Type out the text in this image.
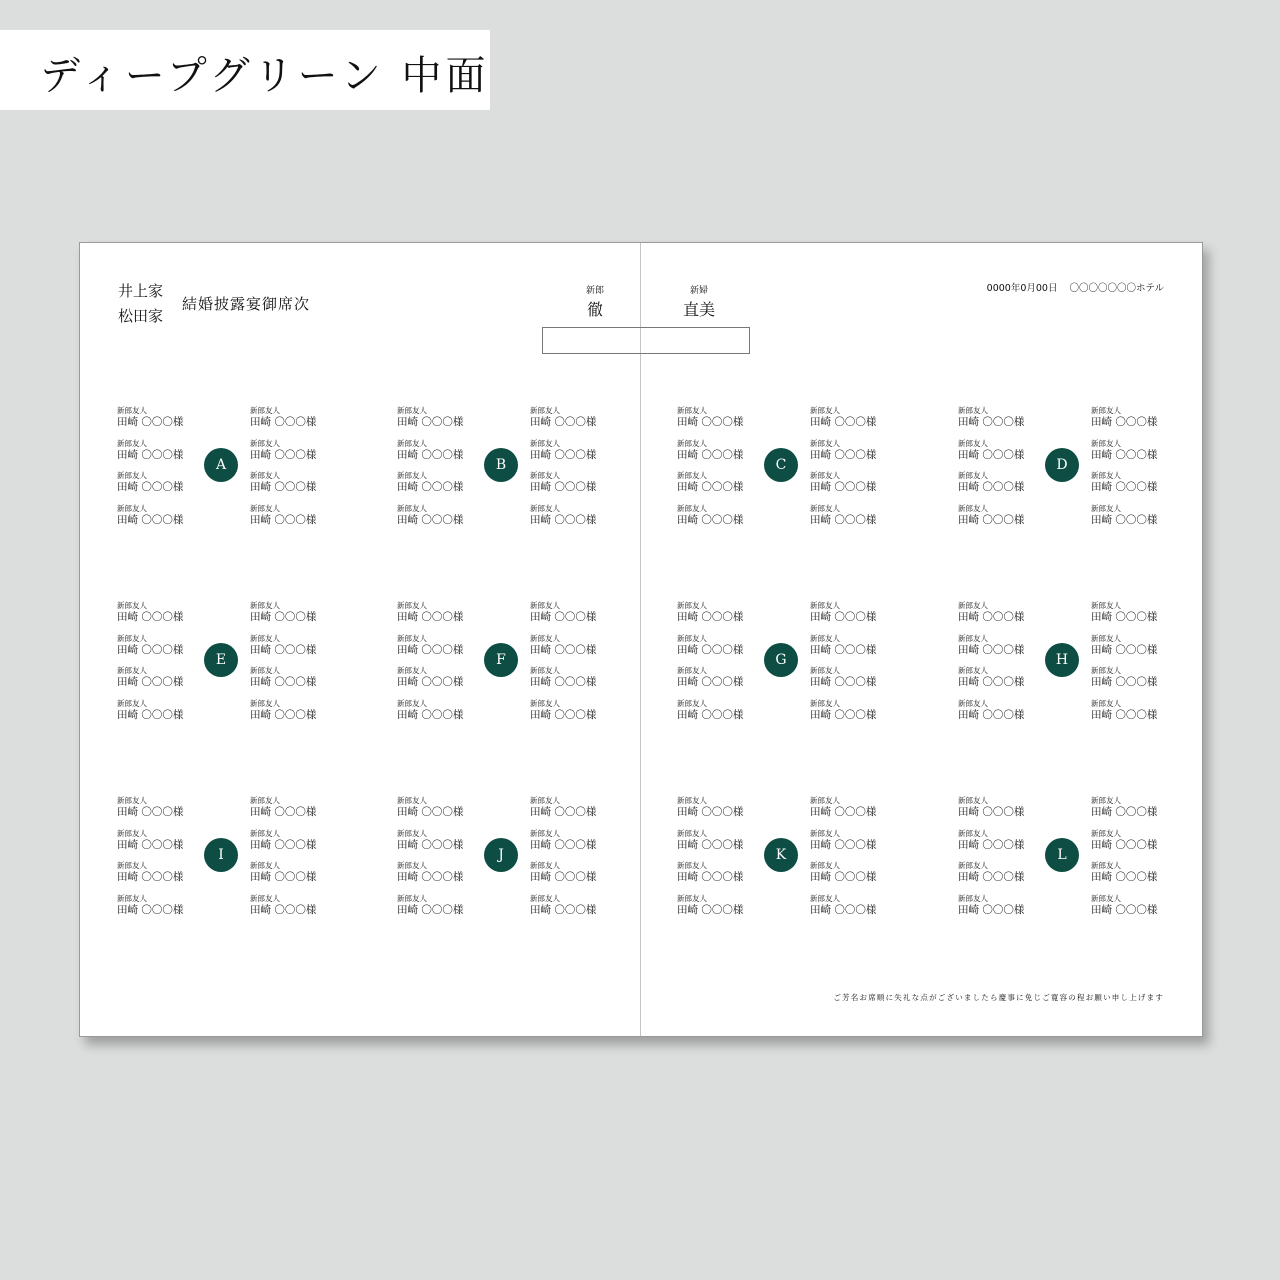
ディープグリーン 中面
井上家
松田家
結婚披露宴御席次
新郎
徹
新婦
直美
0000年0月00日 〇〇〇〇〇〇〇ホテル
新郎友人
田崎 〇〇〇様
新郎友人
田崎 〇〇〇様
新郎友人
田崎 〇〇〇様
新郎友人
田崎 〇〇〇様
新郎友人
田崎 〇〇〇様
新郎友人
田崎 〇〇〇様
新郎友人
田崎 〇〇〇様
新郎友人
田崎 〇〇〇様
A
新郎友人
田崎 〇〇〇様
新郎友人
田崎 〇〇〇様
新郎友人
田崎 〇〇〇様
新郎友人
田崎 〇〇〇様
新郎友人
田崎 〇〇〇様
新郎友人
田崎 〇〇〇様
新郎友人
田崎 〇〇〇様
新郎友人
田崎 〇〇〇様
B
新郎友人
田崎 〇〇〇様
新郎友人
田崎 〇〇〇様
新郎友人
田崎 〇〇〇様
新郎友人
田崎 〇〇〇様
新郎友人
田崎 〇〇〇様
新郎友人
田崎 〇〇〇様
新郎友人
田崎 〇〇〇様
新郎友人
田崎 〇〇〇様
C
新郎友人
田崎 〇〇〇様
新郎友人
田崎 〇〇〇様
新郎友人
田崎 〇〇〇様
新郎友人
田崎 〇〇〇様
新郎友人
田崎 〇〇〇様
新郎友人
田崎 〇〇〇様
新郎友人
田崎 〇〇〇様
新郎友人
田崎 〇〇〇様
D
新郎友人
田崎 〇〇〇様
新郎友人
田崎 〇〇〇様
新郎友人
田崎 〇〇〇様
新郎友人
田崎 〇〇〇様
新郎友人
田崎 〇〇〇様
新郎友人
田崎 〇〇〇様
新郎友人
田崎 〇〇〇様
新郎友人
田崎 〇〇〇様
E
新郎友人
田崎 〇〇〇様
新郎友人
田崎 〇〇〇様
新郎友人
田崎 〇〇〇様
新郎友人
田崎 〇〇〇様
新郎友人
田崎 〇〇〇様
新郎友人
田崎 〇〇〇様
新郎友人
田崎 〇〇〇様
新郎友人
田崎 〇〇〇様
F
新郎友人
田崎 〇〇〇様
新郎友人
田崎 〇〇〇様
新郎友人
田崎 〇〇〇様
新郎友人
田崎 〇〇〇様
新郎友人
田崎 〇〇〇様
新郎友人
田崎 〇〇〇様
新郎友人
田崎 〇〇〇様
新郎友人
田崎 〇〇〇様
G
新郎友人
田崎 〇〇〇様
新郎友人
田崎 〇〇〇様
新郎友人
田崎 〇〇〇様
新郎友人
田崎 〇〇〇様
新郎友人
田崎 〇〇〇様
新郎友人
田崎 〇〇〇様
新郎友人
田崎 〇〇〇様
新郎友人
田崎 〇〇〇様
H
新郎友人
田崎 〇〇〇様
新郎友人
田崎 〇〇〇様
新郎友人
田崎 〇〇〇様
新郎友人
田崎 〇〇〇様
新郎友人
田崎 〇〇〇様
新郎友人
田崎 〇〇〇様
新郎友人
田崎 〇〇〇様
新郎友人
田崎 〇〇〇様
I
新郎友人
田崎 〇〇〇様
新郎友人
田崎 〇〇〇様
新郎友人
田崎 〇〇〇様
新郎友人
田崎 〇〇〇様
新郎友人
田崎 〇〇〇様
新郎友人
田崎 〇〇〇様
新郎友人
田崎 〇〇〇様
新郎友人
田崎 〇〇〇様
J
新郎友人
田崎 〇〇〇様
新郎友人
田崎 〇〇〇様
新郎友人
田崎 〇〇〇様
新郎友人
田崎 〇〇〇様
新郎友人
田崎 〇〇〇様
新郎友人
田崎 〇〇〇様
新郎友人
田崎 〇〇〇様
新郎友人
田崎 〇〇〇様
K
新郎友人
田崎 〇〇〇様
新郎友人
田崎 〇〇〇様
新郎友人
田崎 〇〇〇様
新郎友人
田崎 〇〇〇様
新郎友人
田崎 〇〇〇様
新郎友人
田崎 〇〇〇様
新郎友人
田崎 〇〇〇様
新郎友人
田崎 〇〇〇様
L
ご芳名お席順に失礼な点がございましたら慶事に免じご寛容の程お願い申し上げます
